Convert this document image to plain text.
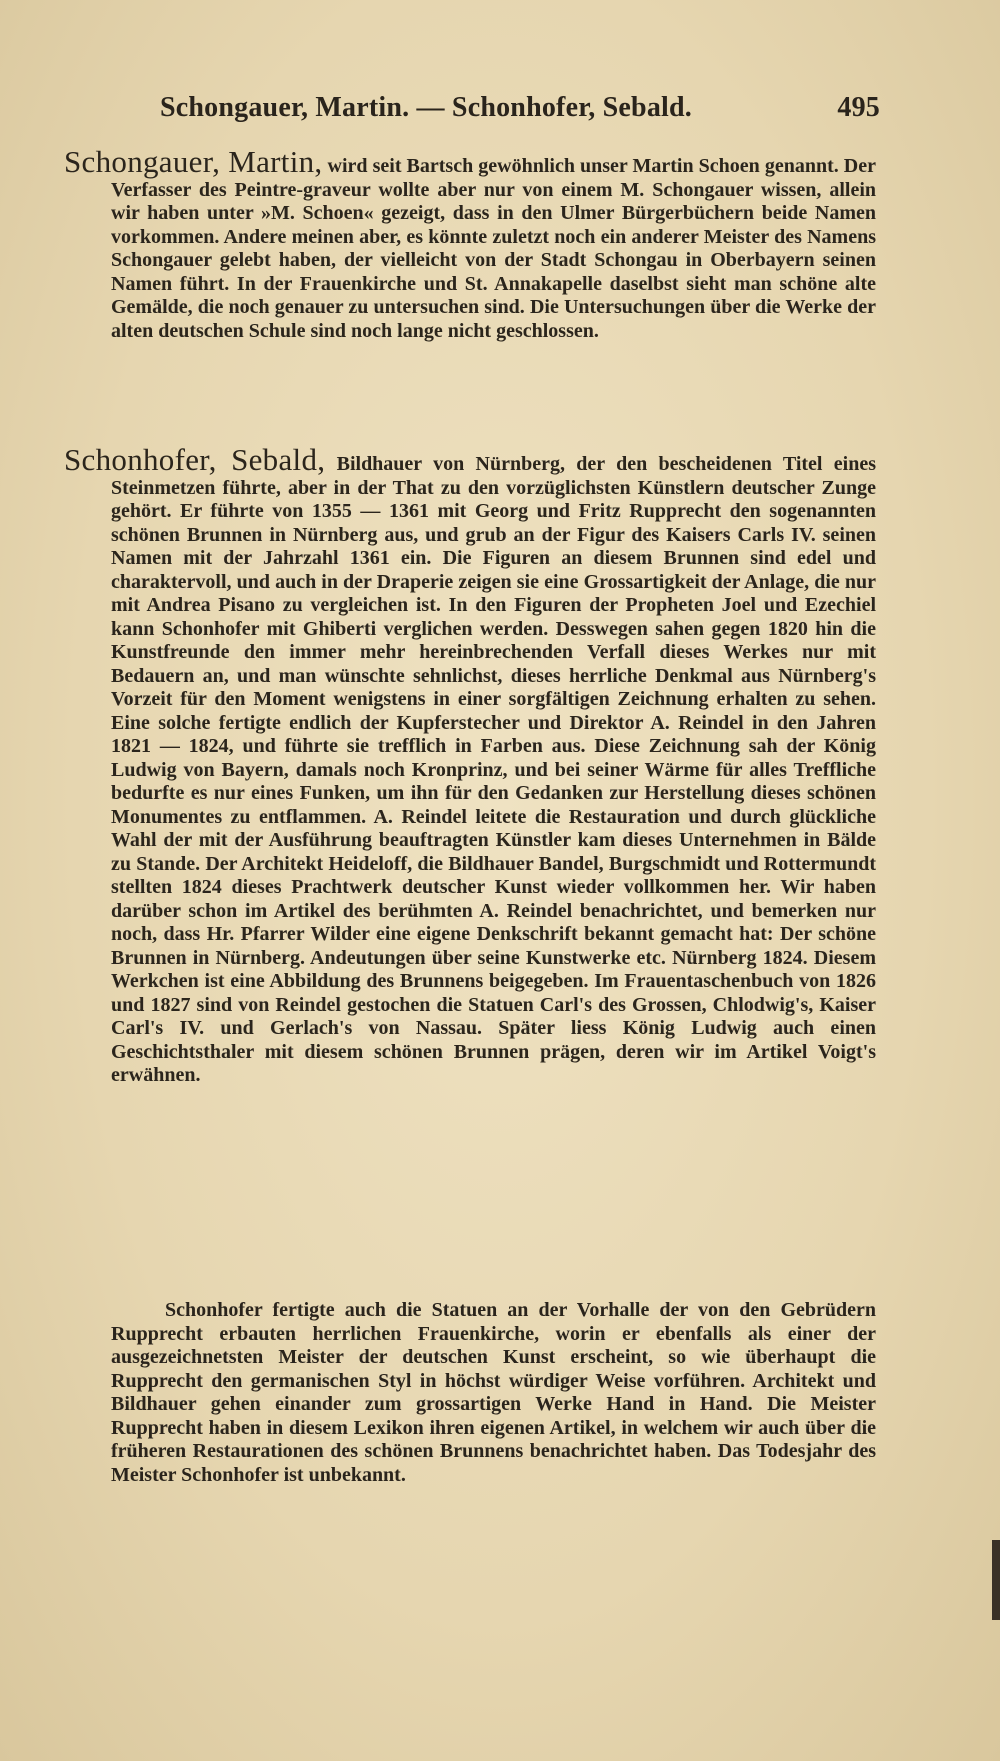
Schongauer, Martin. — Schonhofer, Sebald.	495

Schongauer, Martin, wird seit Bartsch gewöhnlich unser Martin Schoen genannt. Der Verfasser des Peintre-graveur wollte aber nur von einem M. Schongauer wissen, allein wir haben unter »M. Schoen« gezeigt, dass in den Ulmer Bürgerbüchern beide Namen vorkommen. Andere meinen aber, es könnte zuletzt noch ein anderer Meister des Namens Schongauer gelebt haben, der vielleicht von der Stadt Schongau in Oberbayern seinen Namen führt. In der Frauenkirche und St. Annakapelle daselbst sieht man schöne alte Gemälde, die noch genauer zu untersuchen sind. Die Untersuchungen über die Werke der alten deutschen Schule sind noch lange nicht geschlossen.

Schonhofer, Sebald, Bildhauer von Nürnberg, der den bescheidenen Titel eines Steinmetzen führte, aber in der That zu den vorzüglichsten Künstlern deutscher Zunge gehört. Er führte von 1355 — 1361 mit Georg und Fritz Rupprecht den sogenannten schönen Brunnen in Nürnberg aus, und grub an der Figur des Kaisers Carls IV. seinen Namen mit der Jahrzahl 1361 ein. Die Figuren an diesem Brunnen sind edel und charaktervoll, und auch in der Draperie zeigen sie eine Grossartigkeit der Anlage, die nur mit Andrea Pisano zu vergleichen ist. In den Figuren der Propheten Joel und Ezechiel kann Schonhofer mit Ghiberti verglichen werden. Desswegen sahen gegen 1820 hin die Kunstfreunde den immer mehr hereinbrechenden Verfall dieses Werkes nur mit Bedauern an, und man wünschte sehnlichst, dieses herrliche Denkmal aus Nürnberg's Vorzeit für den Moment wenigstens in einer sorgfältigen Zeichnung erhalten zu sehen. Eine solche fertigte endlich der Kupferstecher und Direktor A. Reindel in den Jahren 1821 — 1824, und führte sie trefflich in Farben aus. Diese Zeichnung sah der König Ludwig von Bayern, damals noch Kronprinz, und bei seiner Wärme für alles Treffliche bedurfte es nur eines Funken, um ihn für den Gedanken zur Herstellung dieses schönen Monumentes zu entflammen. A. Reindel leitete die Restauration und durch glückliche Wahl der mit der Ausführung beauftragten Künstler kam dieses Unternehmen in Bälde zu Stande. Der Architekt Heideloff, die Bildhauer Bandel, Burgschmidt und Rottermundt stellten 1824 dieses Prachtwerk deutscher Kunst wieder vollkommen her. Wir haben darüber schon im Artikel des berühmten A. Reindel benachrichtet, und bemerken nur noch, dass Hr. Pfarrer Wilder eine eigene Denkschrift bekannt gemacht hat: Der schöne Brunnen in Nürnberg. Andeutungen über seine Kunstwerke etc. Nürnberg 1824. Diesem Werkchen ist eine Abbildung des Brunnens beigegeben. Im Frauentaschenbuch von 1826 und 1827 sind von Reindel gestochen die Statuen Carl's des Grossen, Chlodwig's, Kaiser Carl's IV. und Gerlach's von Nassau. Später liess König Ludwig auch einen Geschichtsthaler mit diesem schönen Brunnen prägen, deren wir im Artikel Voigt's erwähnen.

Schonhofer fertigte auch die Statuen an der Vorhalle der von den Gebrüdern Rupprecht erbauten herrlichen Frauenkirche, worin er ebenfalls als einer der ausgezeichnetsten Meister der deutschen Kunst erscheint, so wie überhaupt die Rupprecht den germanischen Styl in höchst würdiger Weise vorführen. Architekt und Bildhauer gehen einander zum grossartigen Werke Hand in Hand. Die Meister Rupprecht haben in diesem Lexikon ihren eigenen Artikel, in welchem wir auch über die früheren Restaurationen des schönen Brunnens benachrichtet haben. Das Todesjahr des Meister Schonhofer ist unbekannt.
